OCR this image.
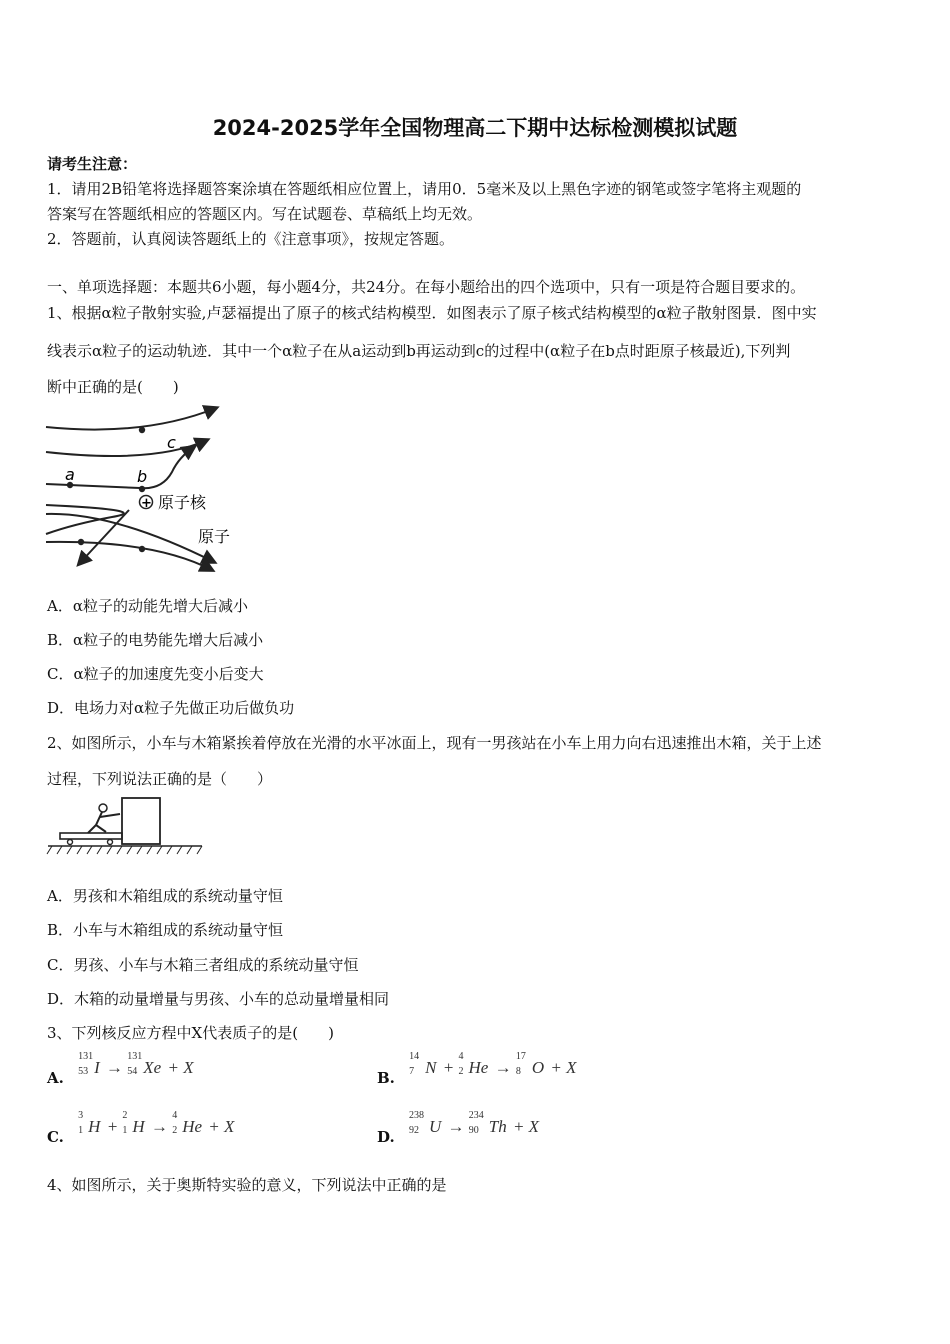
2024-2025学年全国物理高二下期中达标检测模拟试题
请考生注意：
1．请用2B铅笔将选择题答案涂填在答题纸相应位置上，请用0．5毫米及以上黑色字迹的钢笔或签字笔将主观题的
答案写在答题纸相应的答题区内。写在试题卷、草稿纸上均无效。
2．答题前，认真阅读答题纸上的《注意事项》，按规定答题。
一、单项选择题：本题共6小题，每小题4分，共24分。在每小题给出的四个选项中，只有一项是符合题目要求的。
1、根据α粒子散射实验,卢瑟福提出了原子的核式结构模型．如图表示了原子核式结构模型的α粒子散射图景．图中实
线表示α粒子的运动轨迹．其中一个α粒子在从a运动到b再运动到c的过程中(α粒子在b点时距原子核最近),下列判
断中正确的是(　　)
a	b
c
+ 原子核
原子
A．α粒子的动能先增大后减小
B．α粒子的电势能先增大后减小
C．α粒子的加速度先变小后变大
D．电场力对α粒子先做正功后做负功
2、如图所示，小车与木箱紧挨着停放在光滑的水平冰面上，现有一男孩站在小车上用力向右迅速推出木箱，关于上述
过程，下列说法正确的是（　　）
A．男孩和木箱组成的系统动量守恒
B．小车与木箱组成的系统动量守恒
C．男孩、小车与木箱三者组成的系统动量守恒
D．木箱的动量增量与男孩、小车的总动量增量相同
3、下列核反应方程中X代表质子的是(　　)
A.
131
53 I →
131
54 Xe + X
B.
14
7 N +
4
2 He →
17
8 O + X
C.
3
1 H +
2
1 H →
4
2 He + X
D.
238
92 U →
234
90 Th + X
4、如图所示，关于奥斯特实验的意义，下列说法中正确的是
